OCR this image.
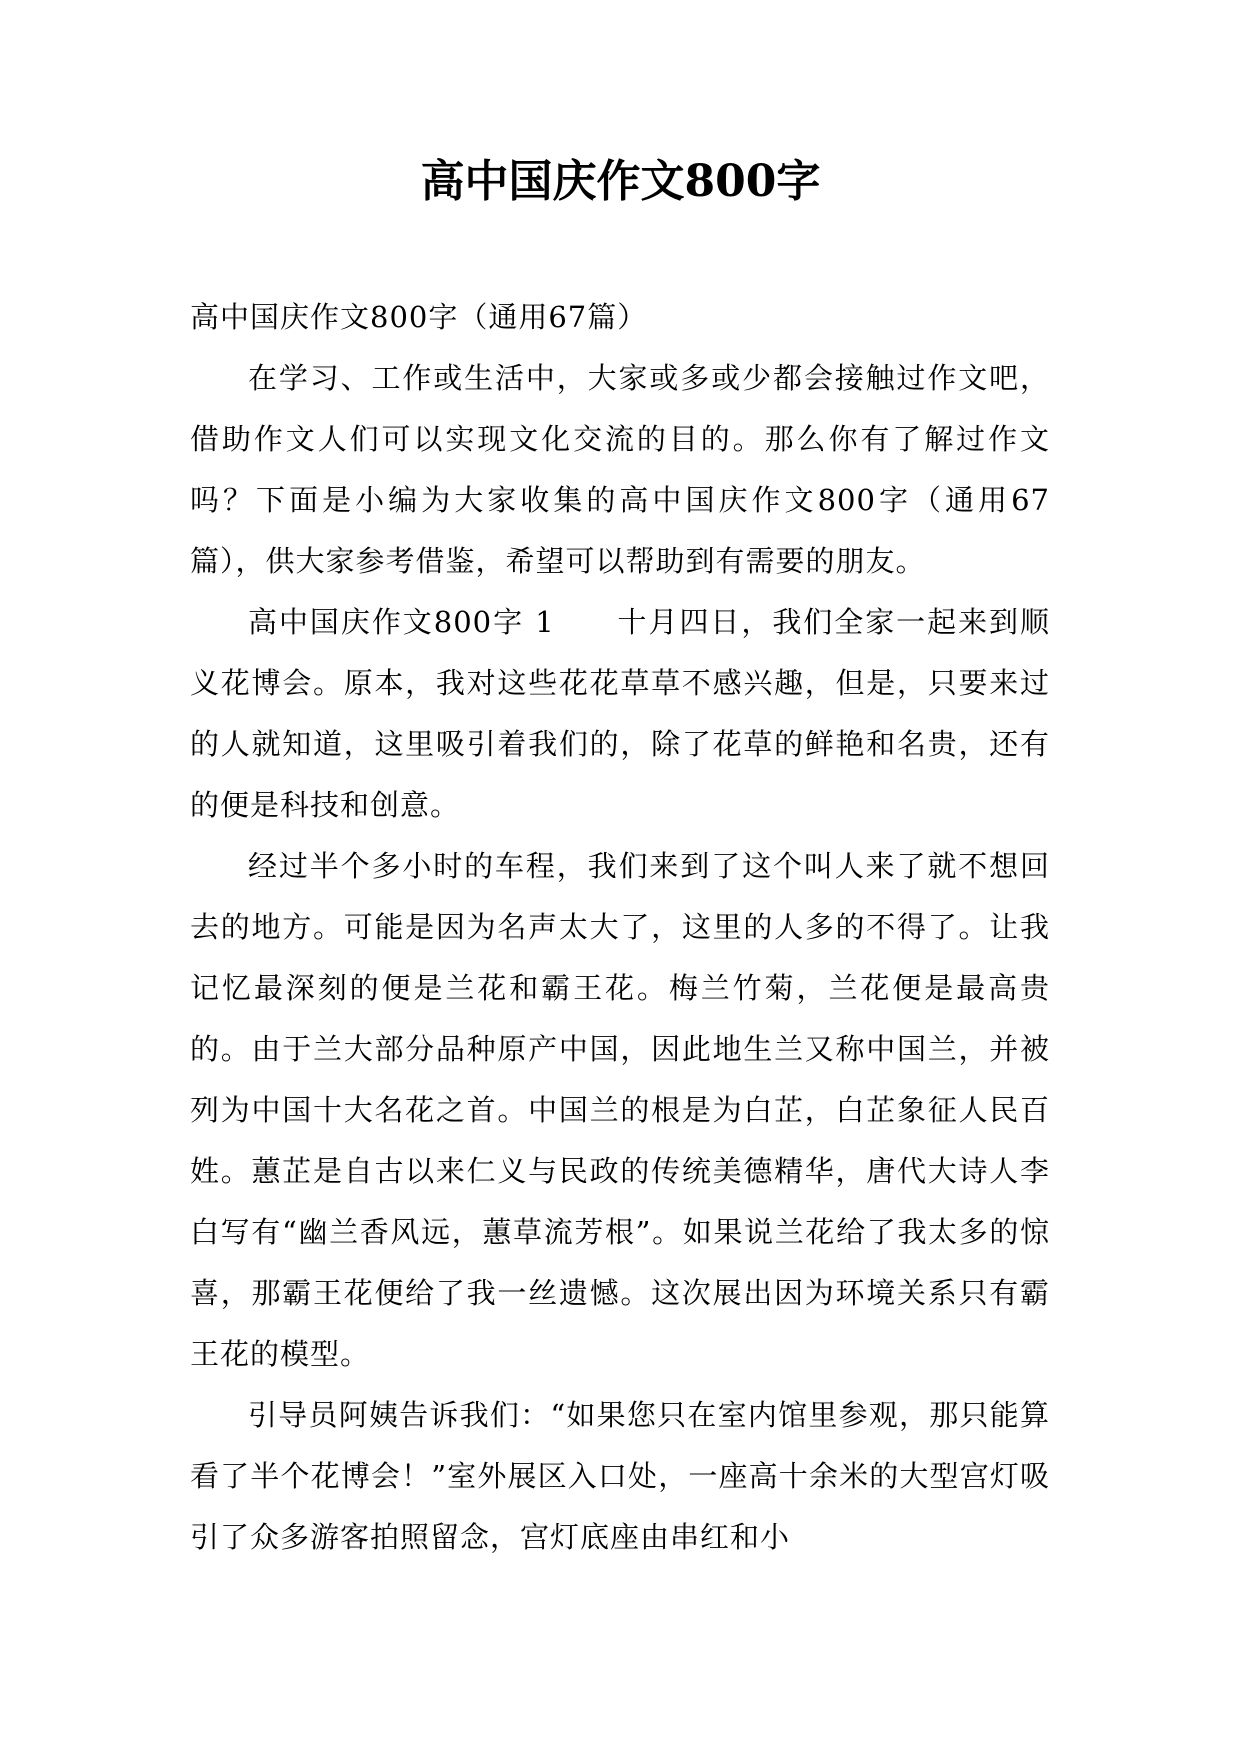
高中国庆作文800字

高中国庆作文800字（通用67篇）

在学习、工作或生活中，大家或多或少都会接触过作文吧，借助作文人们可以实现文化交流的目的。那么你有了解过作文吗？下面是小编为大家收集的高中国庆作文800字（通用67篇），供大家参考借鉴，希望可以帮助到有需要的朋友。

高中国庆作文800字 1　　十月四日，我们全家一起来到顺义花博会。原本，我对这些花花草草不感兴趣，但是，只要来过的人就知道，这里吸引着我们的，除了花草的鲜艳和名贵，还有的便是科技和创意。

经过半个多小时的车程，我们来到了这个叫人来了就不想回去的地方。可能是因为名声太大了，这里的人多的不得了。让我记忆最深刻的便是兰花和霸王花。梅兰竹菊，兰花便是最高贵的。由于兰大部分品种原产中国，因此地生兰又称中国兰，并被列为中国十大名花之首。中国兰的根是为白芷，白芷象征人民百姓。蕙芷是自古以来仁义与民政的传统美德精华，唐代大诗人李白写有“幽兰香风远，蕙草流芳根”。如果说兰花给了我太多的惊喜，那霸王花便给了我一丝遗憾。这次展出因为环境关系只有霸王花的模型。

引导员阿姨告诉我们：“如果您只在室内馆里参观，那只能算看了半个花博会！”室外展区入口处，一座高十余米的大型宫灯吸引了众多游客拍照留念，宫灯底座由串红和小
